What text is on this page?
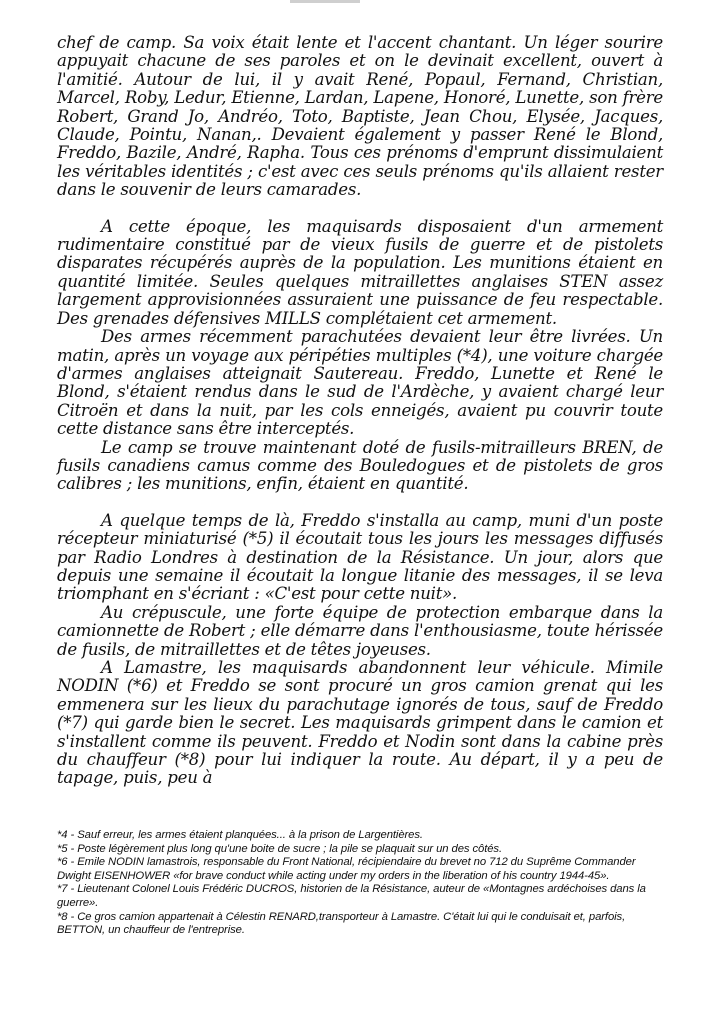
chef de camp. Sa voix était lente et l'accent chantant. Un léger sourire appuyait chacune de ses paroles et on le devinait excellent, ouvert à l'amitié. Autour de lui, il y avait René, Popaul, Fernand, Christian, Marcel, Roby, Ledur, Etienne, Lardan, Lapene, Honoré, Lunette, son frère Robert, Grand Jo, Andréo, Toto, Baptiste, Jean Chou, Elysée, Jacques, Claude, Pointu, Nanan,. Devaient également y passer René le Blond, Freddo, Bazile, André, Rapha. Tous ces prénoms d'emprunt dissimulaient les véritables identités ; c'est avec ces seuls prénoms qu'ils allaient rester dans le souvenir de leurs camarades.

A cette époque, les maquisards disposaient d'un armement rudimentaire constitué par de vieux fusils de guerre et de pistolets disparates récupérés auprès de la population. Les munitions étaient en quantité limitée. Seules quelques mitraillettes anglaises STEN assez largement approvisionnées assuraient une puissance de feu respectable. Des grenades défensives MILLS complétaient cet armement.

Des armes récemment parachutées devaient leur être livrées. Un matin, après un voyage aux péripéties multiples (*4), une voiture chargée d'armes anglaises atteignait Sautereau. Freddo, Lunette et René le Blond, s'étaient rendus dans le sud de l'Ardèche, y avaient chargé leur Citroën et dans la nuit, par les cols enneigés, avaient pu couvrir toute cette distance sans être interceptés.

Le camp se trouve maintenant doté de fusils-mitrailleurs BREN, de fusils canadiens camus comme des Bouledogues et de pistolets de gros calibres ; les munitions, enfin, étaient en quantité.

A quelque temps de là, Freddo s'installa au camp, muni d'un poste récepteur miniaturisé (*5) il écoutait tous les jours les messages diffusés par Radio Londres à destination de la Résistance. Un jour, alors que depuis une semaine il écoutait la longue litanie des messages, il se leva triomphant en s'écriant : «C'est pour cette nuit».

Au crépuscule, une forte équipe de protection embarque dans la camionnette de Robert ; elle démarre dans l'enthousiasme, toute hérissée de fusils, de mitraillettes et de têtes joyeuses.

A Lamastre, les maquisards abandonnent leur véhicule. Mimile NODIN (*6) et Freddo se sont procuré un gros camion grenat qui les emmenera sur les lieux du parachutage ignorés de tous, sauf de Freddo (*7) qui garde bien le secret. Les maquisards grimpent dans le camion et s'installent comme ils peuvent. Freddo et Nodin sont dans la cabine près du chauffeur (*8) pour lui indiquer la route. Au départ, il y a peu de tapage, puis, peu à

*4 - Sauf erreur, les armes étaient planquées... à la prison de Largentières.

*5 - Poste légèrement plus long qu'une boite de sucre ; la pile se plaquait sur un des côtés.

*6 - Emile NODIN lamastrois, responsable du Front National, récipiendaire du brevet no 712 du Suprême Commander Dwight EISENHOWER «for brave conduct while acting under my orders in the liberation of his country 1944-45».

*7 - Lieutenant Colonel Louis Frédéric DUCROS, historien de la Résistance, auteur de «Montagnes ardéchoises dans la guerre».

*8 - Ce gros camion appartenait à Célestin RENARD,transporteur à Lamastre. C'était lui qui le conduisait et, parfois, BETTON, un chauffeur de l'entreprise.
